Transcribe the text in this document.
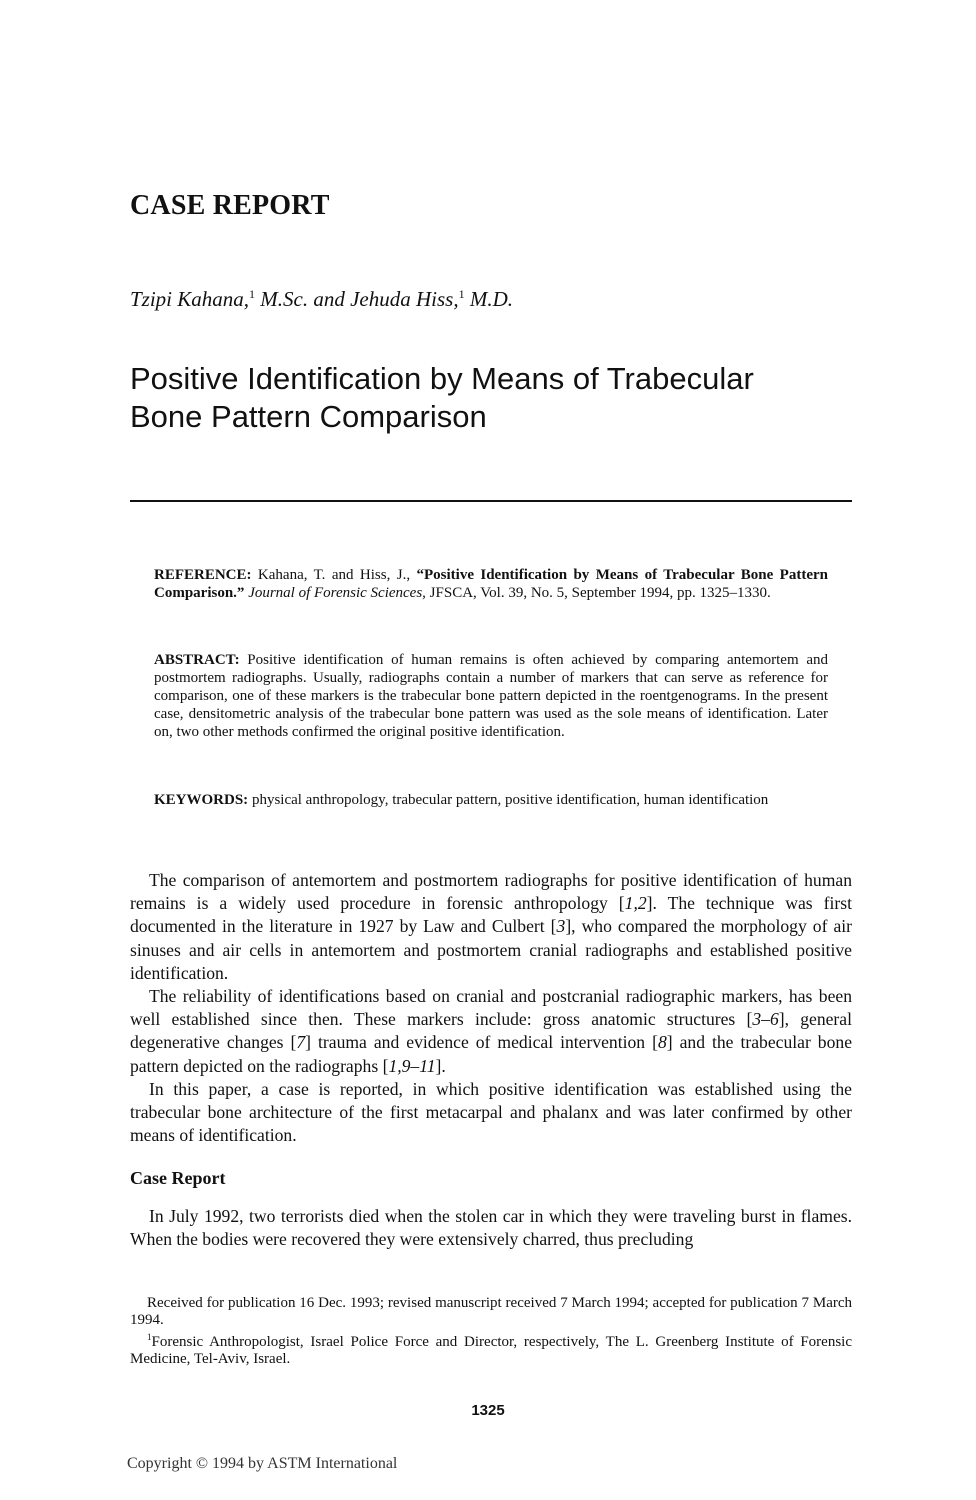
CASE REPORT
Tzipi Kahana,$^1$ M.Sc. and Jehuda Hiss,$^1$ M.D.
Positive Identification by Means of Trabecular
Bone Pattern Comparison
REFERENCE: Kahana, T. and Hiss, J., “Positive Identification by Means of Trabecular Bone Pattern Comparison.” Journal of Forensic Sciences, JFSCA, Vol. 39, No. 5, September 1994, pp. 1325–1330.
ABSTRACT: Positive identification of human remains is often achieved by comparing antemortem and postmortem radiographs. Usually, radiographs contain a number of markers that can serve as reference for comparison, one of these markers is the trabecular bone pattern depicted in the roentgenograms. In the present case, densitometric analysis of the trabecular bone pattern was used as the sole means of identification. Later on, two other methods confirmed the original positive identification.
KEYWORDS: physical anthropology, trabecular pattern, positive identification, human identification

The comparison of antemortem and postmortem radiographs for positive identification of human remains is a widely used procedure in forensic anthropology [1,2]. The technique was first documented in the literature in 1927 by Law and Culbert [3], who compared the morphology of air sinuses and air cells in antemortem and postmortem cranial radiographs and established positive identification.

The reliability of identifications based on cranial and postcranial radiographic markers, has been well established since then. These markers include: gross anatomic structures [3–6], general degenerative changes [7] trauma and evidence of medical intervention [8] and the trabecular bone pattern depicted on the radiographs [1,9–11].

In this paper, a case is reported, in which positive identification was established using the trabecular bone architecture of the first metacarpal and phalanx and was later confirmed by other means of identification.

Case Report

In July 1992, two terrorists died when the stolen car in which they were traveling burst in flames. When the bodies were recovered they were extensively charred, thus precluding

Received for publication 16 Dec. 1993; revised manuscript received 7 March 1994; accepted for publication 7 March 1994.

$^1$Forensic Anthropologist, Israel Police Force and Director, respectively, The L. Greenberg Institute of Forensic Medicine, Tel-Aviv, Israel.

1325
Copyright © 1994 by ASTM International
